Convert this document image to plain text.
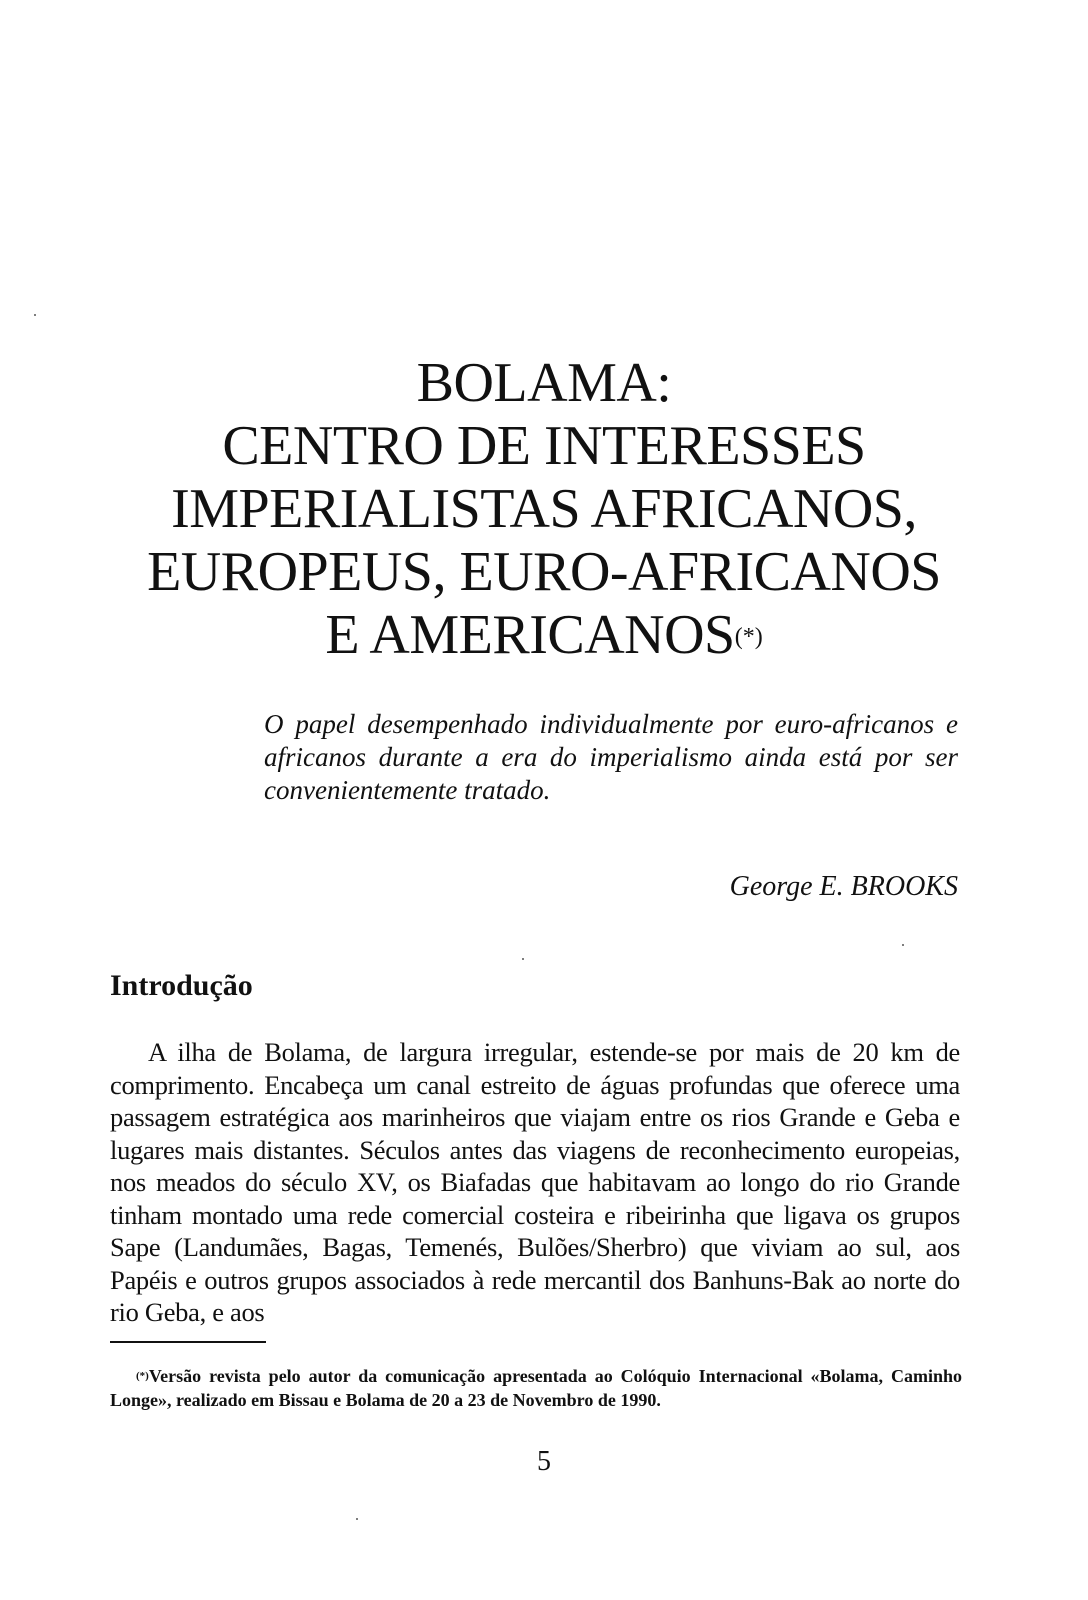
BOLAMA:
CENTRO DE INTERESSES
IMPERIALISTAS AFRICANOS,
EUROPEUS, EURO-AFRICANOS
E AMERICANOS(*)

O papel desempenhado individualmente por euro-africanos e africanos durante a era do imperialismo ainda está por ser convenientemente tratado.

George E. BROOKS
Introdução

A ilha de Bolama, de largura irregular, estende-se por mais de 20 km de comprimento. Encabeça um canal estreito de águas profundas que oferece uma passagem estratégica aos marinheiros que viajam entre os rios Grande e Geba e lugares mais distantes. Séculos antes das viagens de reconhecimento europeias, nos meados do século XV, os Biafadas que habitavam ao longo do rio Grande tinham montado uma rede comercial costeira e ribeirinha que ligava os grupos Sape (Landumães, Bagas, Temenés, Bulões/Sherbro) que viviam ao sul, aos Papéis e outros grupos associados à rede mercantil dos Banhuns-Bak ao norte do rio Geba, e aos

(*)Versão revista pelo autor da comunicação apresentada ao Colóquio Internacional «Bolama, Caminho Longe», realizado em Bissau e Bolama de 20 a 23 de Novembro de 1990.

5
